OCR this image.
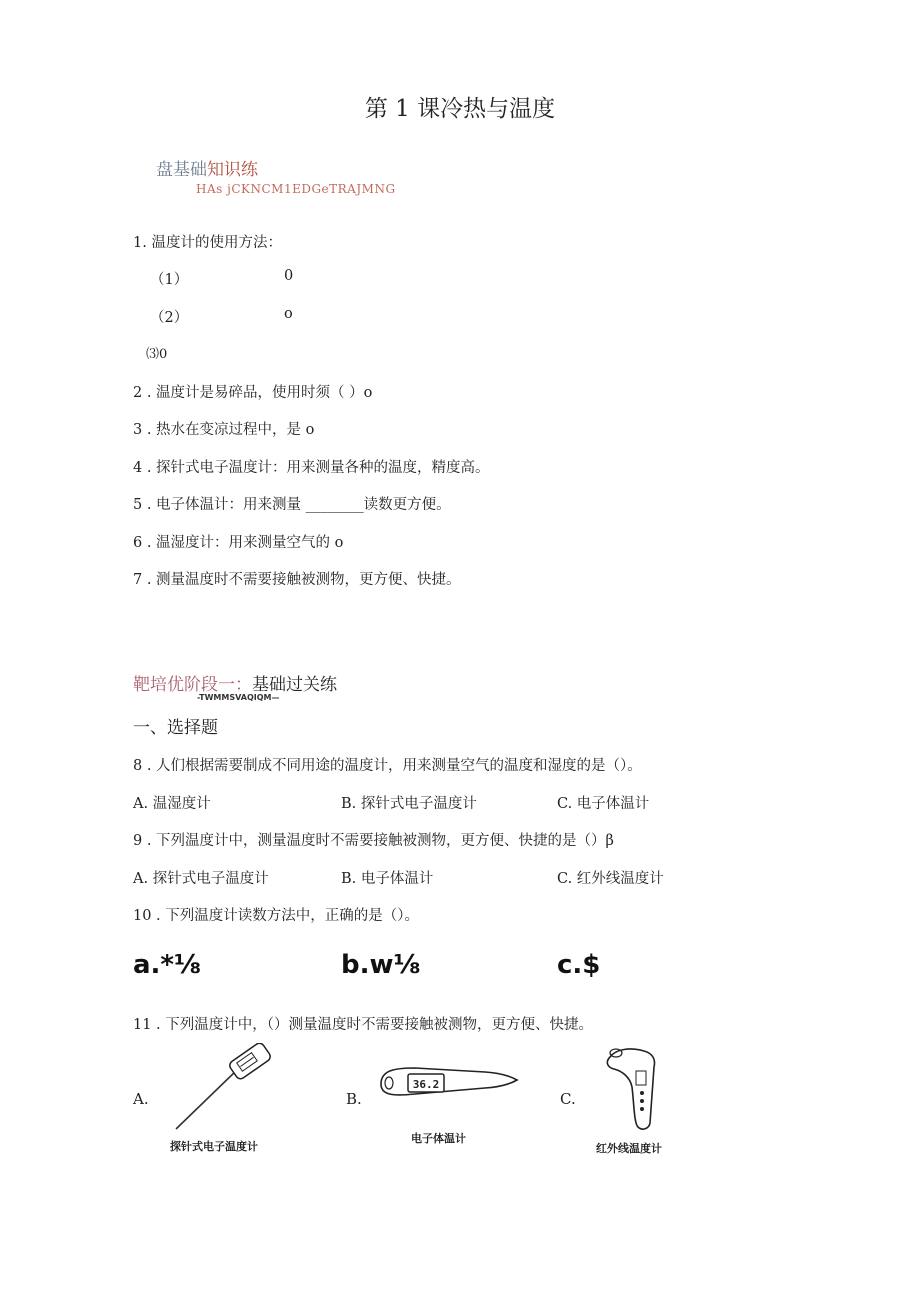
第 1 课冷热与温度
盘基础知识练
HAs jCKNCM1EDGeTRAJMNG
1. 温度计的使用方法：
（1）	0
（2）	o
⑶0
2 . 温度计是易碎品，使用时须（ ）o
3 . 热水在变凉过程中，是 o
4 . 探针式电子温度计：用来测量各种的温度，精度高。
5 . 电子体温计：用来测量 ________读数更方便。
6 . 温湿度计：用来测量空气的 o
7 . 测量温度时不需要接触被测物，更方便、快捷。
靶培优阶段一：基础过关练
-TWMMSVAQIQM—
一、选择题
8 . 人们根据需要制成不同用途的温度计，用来测量空气的温度和湿度的是（）。
A. 温湿度计	B. 探针式电子温度计	C. 电子体温计
9 . 下列温度计中，测量温度时不需要接触被测物，更方便、快捷的是（）β
A. 探针式电子温度计	B. 电子体温计	C. 红外线温度计
10 . 下列温度计读数方法中，正确的是（）。
a.*⅛	b.w⅛	c.$
11 . 下列温度计中，（）测量温度时不需要接触被测物，更方便、快捷。
A.	B.	C.
36.2
探针式电子温度计
电子体温计
红外线温度计
